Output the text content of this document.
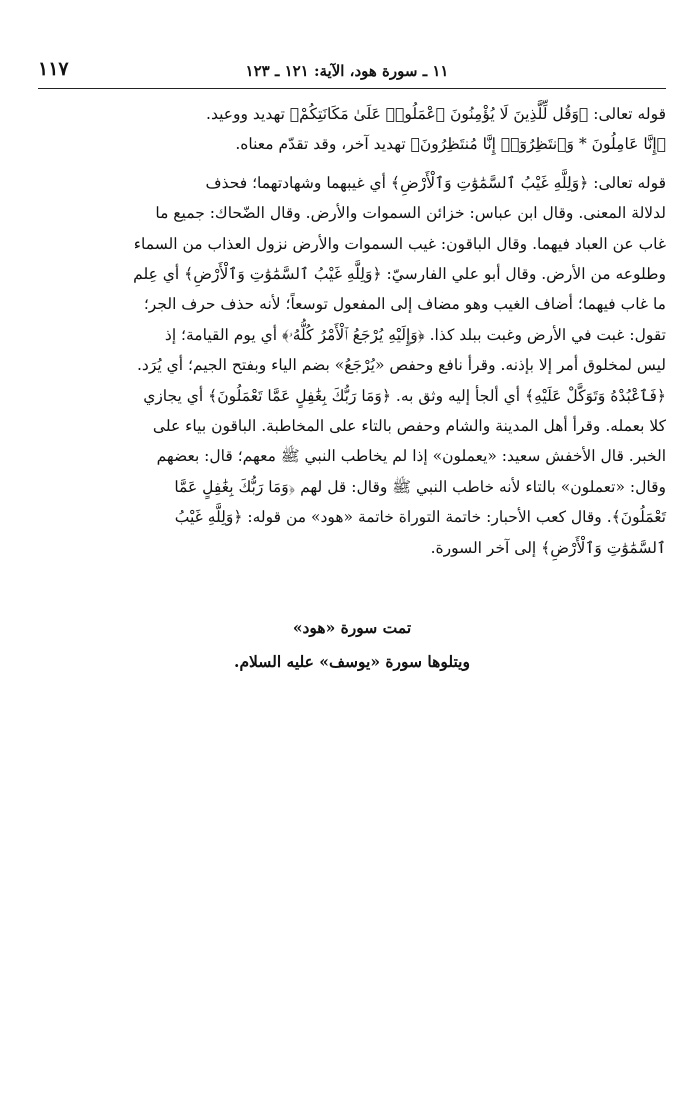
١١ ـ سورة هود، الآية: ١٢١ ـ ١٢٣
١١٧
قوله تعالى: ﴿وَقُل لِّلَّذِينَ لَا يُؤْمِنُونَ ٱعْمَلُوا۟ عَلَىٰ مَكَانَتِكُمْ﴾ تهديد ووعيد.
﴿إِنَّا عَامِلُونَ * وَٱنتَظِرُوٓا۟ إِنَّا مُنتَظِرُونَ﴾ تهديد آخر، وقد تقدّم معناه.
قوله تعالى: ﴿وَلِلَّهِ غَيْبُ ٱلسَّمَٰوَٰتِ وَٱلْأَرْضِ﴾ أي غيبهما وشهادتهما؛ فحذف
لدلالة المعنى. وقال ابن عباس: خزائن السموات والأرض. وقال الضّحاك: جميع ما
غاب عن العباد فيهما. وقال الباقون: غيب السموات والأرض نزول العذاب من السماء
وطلوعه من الأرض. وقال أبو علي الفارسيّ: ﴿وَلِلَّهِ غَيْبُ ٱلسَّمَٰوَٰتِ وَٱلْأَرْضِ﴾ أي عِلم
ما غاب فيهما؛ أضاف الغيب وهو مضاف إلى المفعول توسعاً؛ لأنه حذف حرف الجر؛
تقول: غبت في الأرض وغبت ببلد كذا. ﴿وَإِلَيْهِ يُرْجَعُ ٱلْأَمْرُ كُلُّهُۥ﴾ أي يوم القيامة؛ إذ
ليس لمخلوق أمر إلا بإذنه. وقرأ نافع وحفص «يُرْجَعُ» بضم الياء وبفتح الجيم؛ أي يُرَد.
﴿فَٱعْبُدْهُ وَتَوَكَّلْ عَلَيْهِ﴾ أي ألجأ إليه وثق به. ﴿وَمَا رَبُّكَ بِغَٰفِلٍ عَمَّا تَعْمَلُونَ﴾ أي يجازي
كلا بعمله. وقرأ أهل المدينة والشام وحفص بالتاء على المخاطبة. الباقون بياء على
الخبر. قال الأخفش سعيد: «يعملون» إذا لم يخاطب النبي ﷺ معهم؛ قال: بعضهم
وقال: «تعملون» بالتاء لأنه خاطب النبي ﷺ وقال: قل لهم ﴿وَمَا رَبُّكَ بِغَٰفِلٍ عَمَّا
تَعْمَلُونَ﴾. وقال كعب الأحبار: خاتمة التوراة خاتمة «هود» من قوله: ﴿وَلِلَّهِ غَيْبُ
ٱلسَّمَٰوَٰتِ وَٱلْأَرْضِ﴾ إلى آخر السورة.
تمت سورة «هود»
ويتلوها سورة «يوسف» عليه السلام.
